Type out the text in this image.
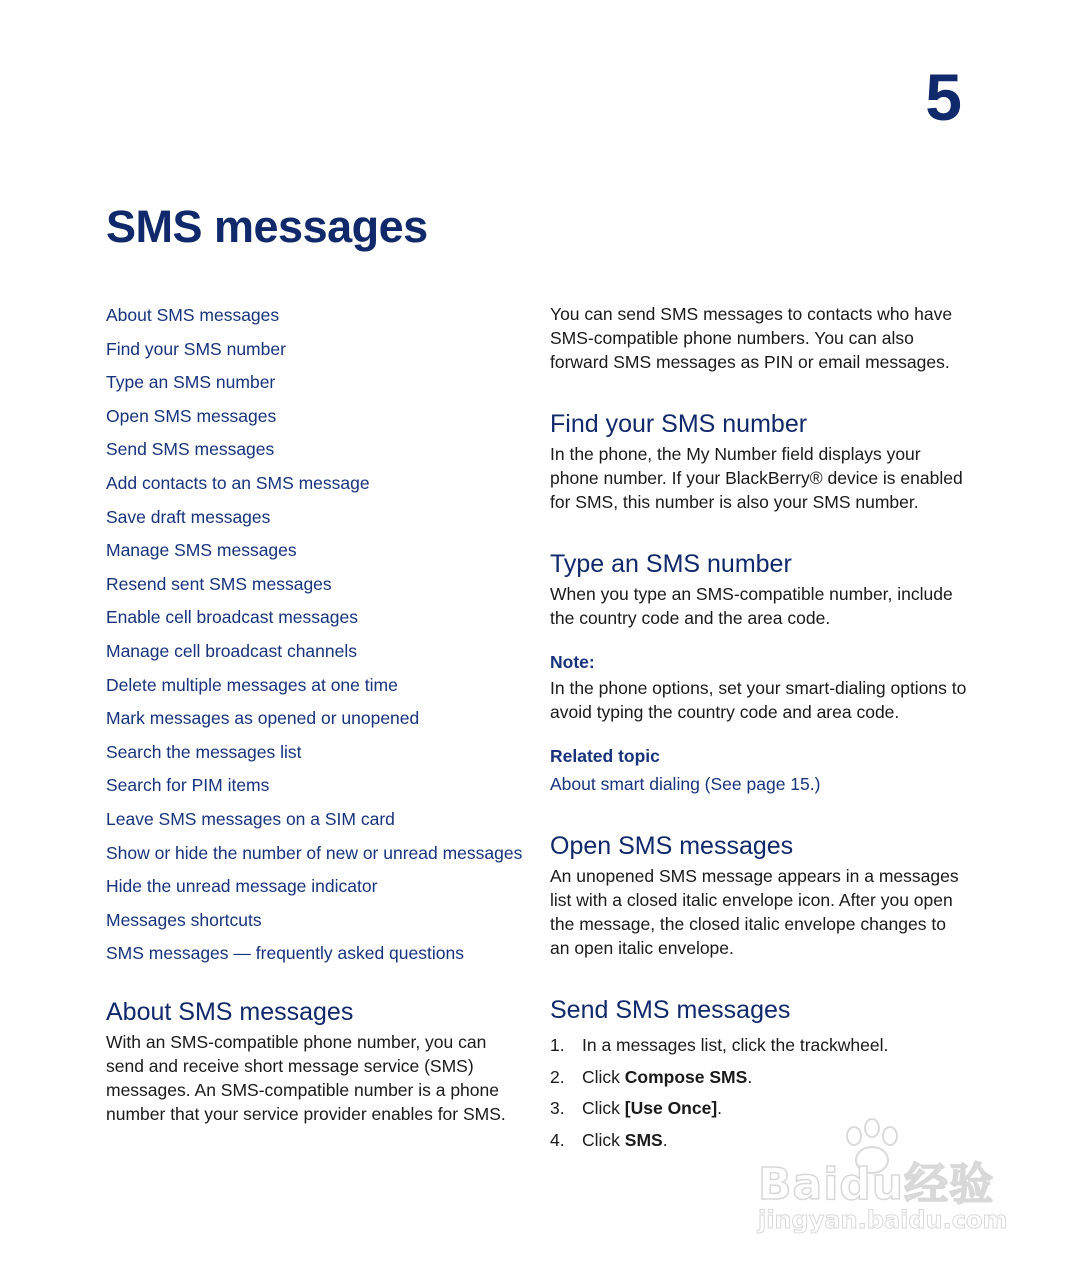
5
SMS messages
About SMS messages
Find your SMS number
Type an SMS number
Open SMS messages
Send SMS messages
Add contacts to an SMS message
Save draft messages
Manage SMS messages
Resend sent SMS messages
Enable cell broadcast messages
Manage cell broadcast channels
Delete multiple messages at one time
Mark messages as opened or unopened
Search the messages list
Search for PIM items
Leave SMS messages on a SIM card
Show or hide the number of new or unread messages
Hide the unread message indicator
Messages shortcuts
SMS messages — frequently asked questions
About SMS messages

With an SMS-compatible phone number, you can send and receive short message service (SMS) messages. An SMS-compatible number is a phone number that your service provider enables for SMS.

You can send SMS messages to contacts who have SMS-compatible phone numbers. You can also forward SMS messages as PIN or email messages.

Find your SMS number

In the phone, the My Number field displays your phone number. If your BlackBerry® device is enabled for SMS, this number is also your SMS number.

Type an SMS number

When you type an SMS-compatible number, include the country code and the area code.

Note:

In the phone options, set your smart-dialing options to avoid typing the country code and area code.

Related topic

About smart dialing (See page 15.)

Open SMS messages

An unopened SMS message appears in a messages list with a closed italic envelope icon. After you open the message, the closed italic envelope changes to an open italic envelope.

Send SMS messages
1. In a messages list, click the trackwheel.
2. Click Compose SMS.
3. Click [Use Once].
4. Click SMS.
Baidu经验
jingyan.baidu.com
